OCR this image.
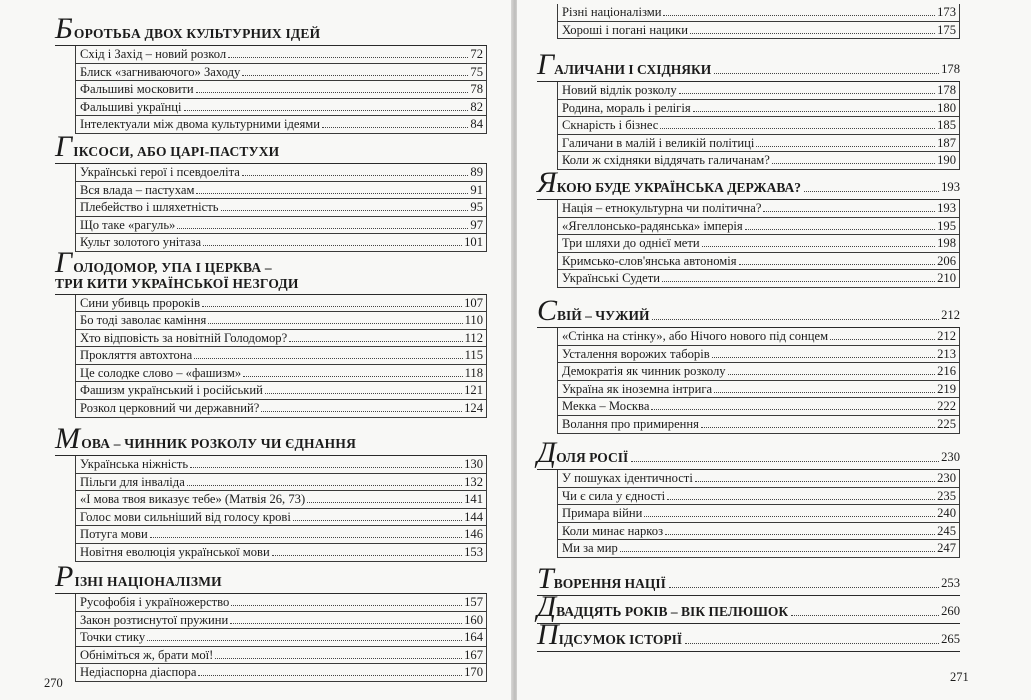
Б ОРОТЬБА ДВОХ КУЛЬТУРНИХ ІДЕЙ
Схід і Захід – новий розкол	72
Блиск «загниваючого» Заходу	75
Фальшиві московити	78
Фальшиві українці	82
Інтелектуали між двома культурними ідеями	84
Г ІКСОСИ, АБО ЦАРІ-ПАСТУХИ
Українські герої і псевдоеліта	89
Вся влада – пастухам	91
Плебейство і шляхетність	95
Що таке «рагуль»	97
Культ золотого унітаза	101
Г ОЛОДОМОР, УПА І ЦЕРКВА –
ТРИ КИТИ УКРАЇНСЬКОЇ НЕЗГОДИ
Сини убивць пророків	107
Бо тоді заволає каміння	110
Хто відповість за новітній Голодомор?	112
Прокляття автохтона	115
Це солодке слово – «фашизм»	118
Фашизм український і російський	121
Розкол церковний чи державний?	124
М ОВА – ЧИННИК РОЗКОЛУ ЧИ ЄДНАННЯ
Українська ніжність	130
Пільги для інваліда	132
«І мова твоя виказує тебе» (Матвія 26, 73)	141
Голос мови сильніший від голосу крові	144
Потуга мови	146
Новітня еволюція української мови	153
Р ІЗНІ НАЦІОНАЛІЗМИ
Русофобія і україножерство	157
Закон розтиснутої пружини	160
Точки стику	164
Обніміться ж, брати мої!	167
Недіаспорна діаспора	170
270
Різні націоналізми	173
Хороші і погані нацики	175
Г АЛИЧАНИ І СХІДНЯКИ	178
Новий відлік розколу	178
Родина, мораль і релігія	180
Скнарість і бізнес	185
Галичани в малій і великій політиці	187
Коли ж східняки віддячать галичанам?	190
Я КОЮ БУДЕ УКРАЇНСЬКА ДЕРЖАВА?	193
Нація – етнокультурна чи політична?	193
«Ягеллонсько-радянська» імперія	195
Три шляхи до однієї мети	198
Кримсько-слов'янська автономія	206
Українські Судети	210
С ВІЙ – ЧУЖИЙ	212
«Стінка на стінку», або Нічого нового під сонцем	212
Усталення ворожих таборів	213
Демократія як чинник розколу	216
Україна як іноземна інтрига	219
Мекка – Москва	222
Волання про примирення	225
Д ОЛЯ РОСІЇ	230
У пошуках ідентичності	230
Чи є сила у єдності	235
Примара війни	240
Коли минає наркоз	245
Ми за мир	247
Т ВОРЕННЯ НАЦІЇ	253
Д ВАДЦЯТЬ РОКІВ – ВІК ПЕЛЮШОК	260
П ІДСУМОК ІСТОРІЇ	265
271
